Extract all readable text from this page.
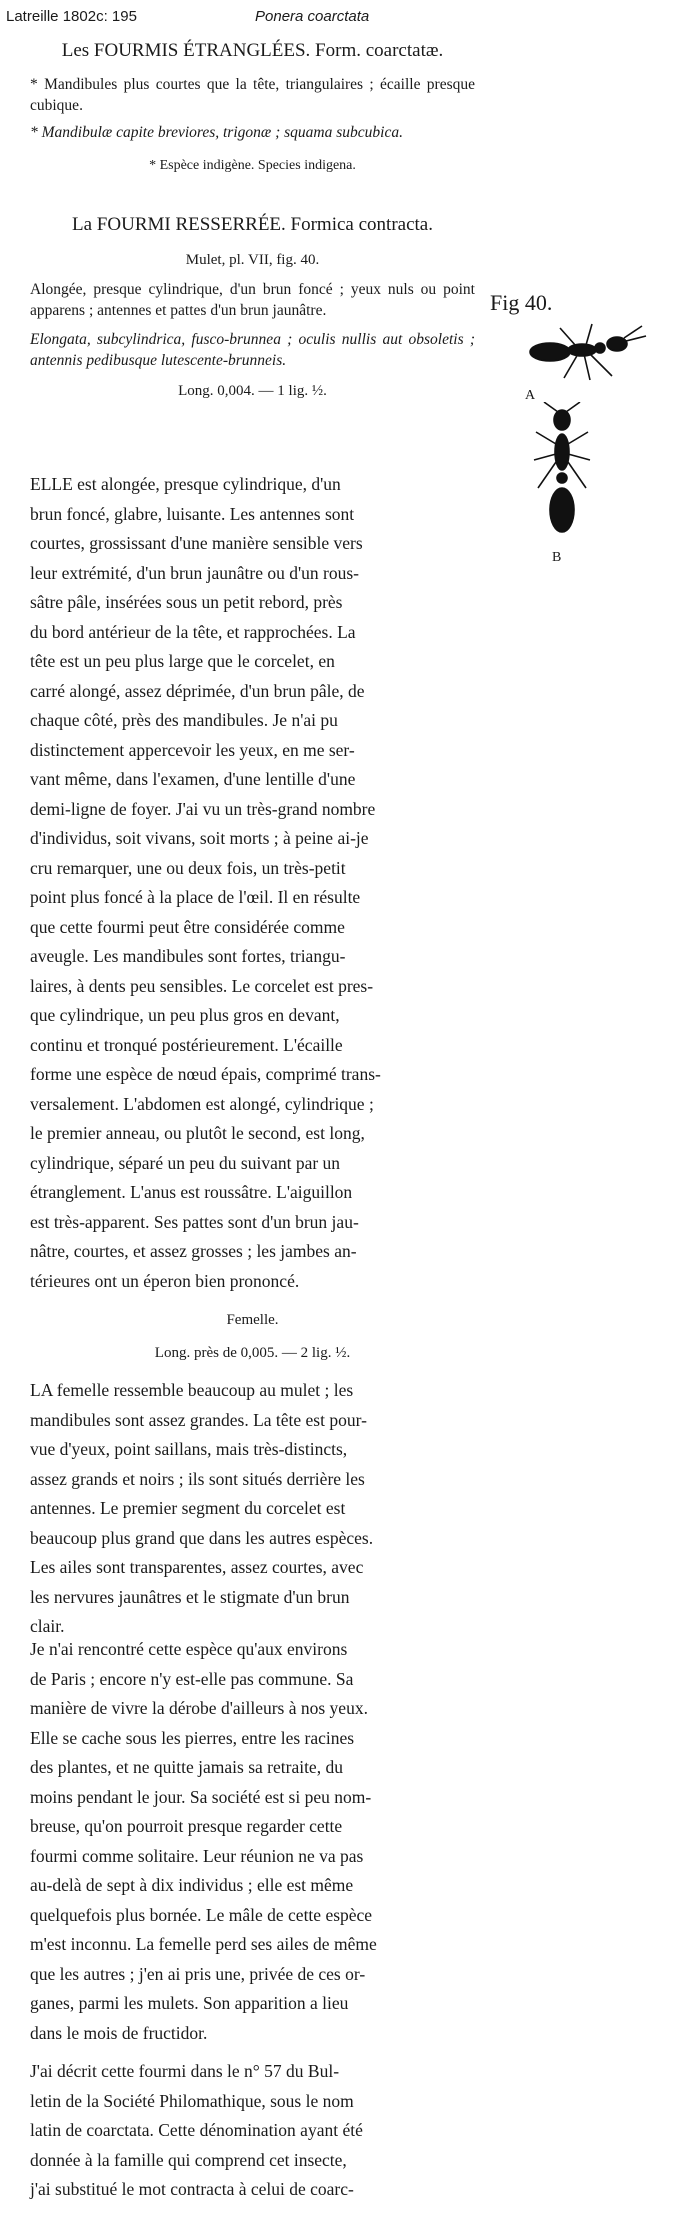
Latreille 1802c: 195	Ponera coarctata

Les FOURMIS ÉTRANGLÉES. Form. coarctatæ.

* Mandibules plus courtes que la tête, triangulaires ; écaille presque cubique.

* Mandibulæ capite breviores, trigonæ ; squama subcubica.

* Espèce indigène. Species indigena.

La FOURMI RESSERRÉE. Formica contracta.

Mulet, pl. VII, fig. 40.

Alongée, presque cylindrique, d'un brun foncé ; yeux nuls ou point apparens ; antennes et pattes d'un brun jaunâtre.

Elongata, subcylindrica, fusco-brunnea ; oculis nullis aut obsoletis ; antennis pedibusque lutescente-brunneis.

Long. 0,004. — 1 lig. ½.

ELLE est alongée, presque cylindrique, d'un
brun foncé, glabre, luisante. Les antennes sont
courtes, grossissant d'une manière sensible vers
leur extrémité, d'un brun jaunâtre ou d'un rous-
sâtre pâle, insérées sous un petit rebord, près
du bord antérieur de la tête, et rapprochées. La
tête est un peu plus large que le corcelet, en
carré alongé, assez déprimée, d'un brun pâle, de
chaque côté, près des mandibules. Je n'ai pu
distinctement appercevoir les yeux, en me ser-
vant même, dans l'examen, d'une lentille d'une
demi-ligne de foyer. J'ai vu un très-grand nombre
d'individus, soit vivans, soit morts ; à peine ai-je
cru remarquer, une ou deux fois, un très-petit
point plus foncé à la place de l'œil. Il en résulte
que cette fourmi peut être considérée comme
aveugle. Les mandibules sont fortes, triangu-
laires, à dents peu sensibles. Le corcelet est pres-
que cylindrique, un peu plus gros en devant,
continu et tronqué postérieurement. L'écaille
forme une espèce de nœud épais, comprimé trans-
versalement. L'abdomen est alongé, cylindrique ;
le premier anneau, ou plutôt le second, est long,
cylindrique, séparé un peu du suivant par un
étranglement. L'anus est roussâtre. L'aiguillon
est très-apparent. Ses pattes sont d'un brun jau-
nâtre, courtes, et assez grosses ; les jambes an-
térieures ont un éperon bien prononcé.

Femelle.

Long. près de 0,005. — 2 lig. ½.

LA femelle ressemble beaucoup au mulet ; les
mandibules sont assez grandes. La tête est pour-
vue d'yeux, point saillans, mais très-distincts,
assez grands et noirs ; ils sont situés derrière les
antennes. Le premier segment du corcelet est
beaucoup plus grand que dans les autres espèces.
Les ailes sont transparentes, assez courtes, avec
les nervures jaunâtres et le stigmate d'un brun
clair.
Je n'ai rencontré cette espèce qu'aux environs
de Paris ; encore n'y est-elle pas commune. Sa
manière de vivre la dérobe d'ailleurs à nos yeux.
Elle se cache sous les pierres, entre les racines
des plantes, et ne quitte jamais sa retraite, du
moins pendant le jour. Sa société est si peu nom-
breuse, qu'on pourroit presque regarder cette
fourmi comme solitaire. Leur réunion ne va pas
au-delà de sept à dix individus ; elle est même
quelquefois plus bornée. Le mâle de cette espèce
m'est inconnu. La femelle perd ses ailes de même
que les autres ; j'en ai pris une, privée de ces or-
ganes, parmi les mulets. Son apparition a lieu
dans le mois de fructidor.
J'ai décrit cette fourmi dans le n° 57 du Bul-
letin de la Société Philomathique, sous le nom
latin de coarctata. Cette dénomination ayant été
donnée à la famille qui comprend cet insecte,
j'ai substitué le mot contracta à celui de coarc-
Fig 40.
A
B
